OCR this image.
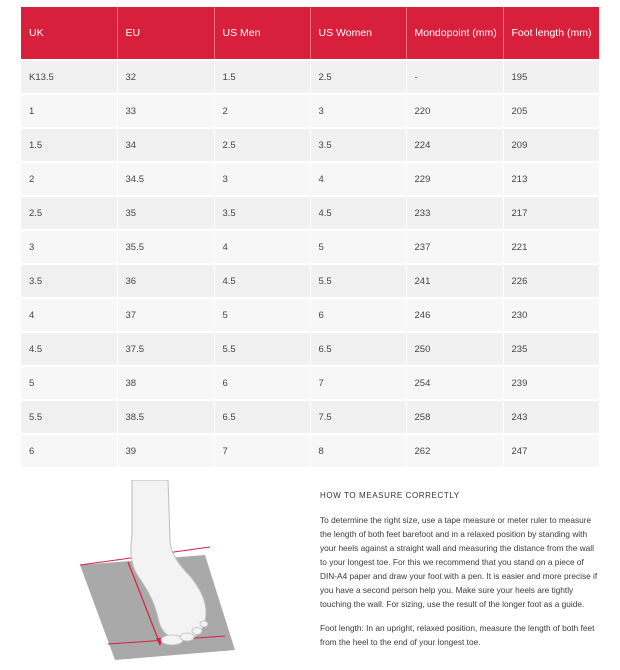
UK	EU	US Men	US Women	Mondopoint (mm)	Foot length (mm)
K13.5	32	1.5	2.5	-	195
1	33	2	3	220	205
1.5	34	2.5	3.5	224	209
2	34.5	3	4	229	213
2.5	35	3.5	4.5	233	217
3	35.5	4	5	237	221
3.5	36	4.5	5.5	241	226
4	37	5	6	246	230
4.5	37.5	5.5	6.5	250	235
5	38	6	7	254	239
5.5	38.5	6.5	7.5	258	243
6	39	7	8	262	247
HOW TO MEASURE CORRECTLY

To determine the right size, use a tape measure or meter ruler to measure the length of both feet barefoot and in a relaxed position by standing with your heels against a straight wall and measuring the distance from the wall to your longest toe. For this we recommend that you stand on a piece of DIN-A4 paper and draw your foot with a pen. It is easier and more precise if you have a second person help you. Make sure your heels are tightly touching the wall. For sizing, use the result of the longer foot as a guide.

Foot length: In an upright, relaxed position, measure the length of both feet from the heel to the end of your longest toe.
